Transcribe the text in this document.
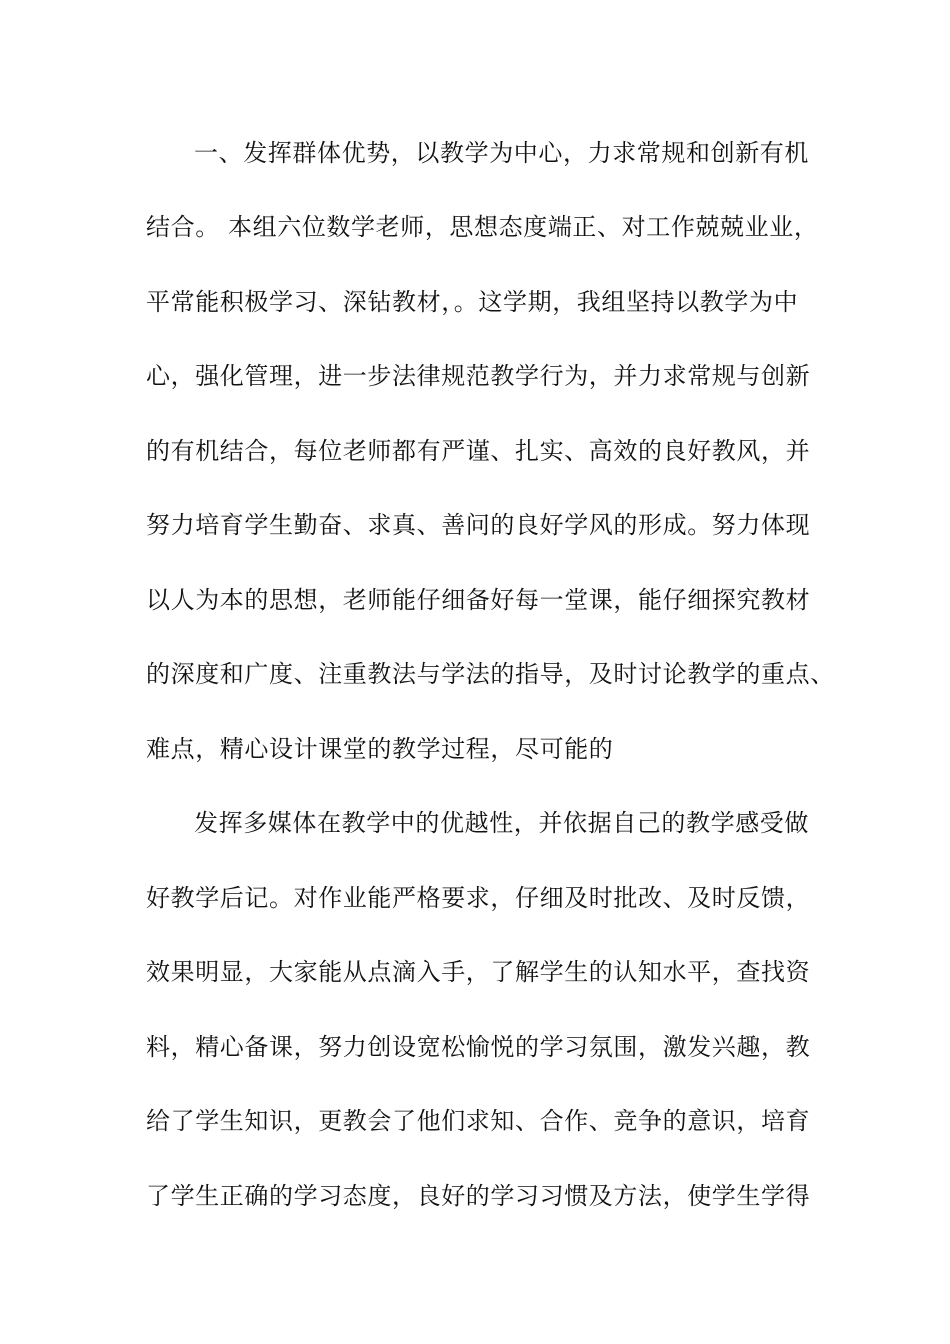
一、发挥群体优势，以教学为中心，力求常规和创新有机
结合。 本组六位数学老师，思想态度端正、对工作兢兢业业，
平常能积极学习、深钻教材，。这学期，我组坚持以教学为中
心，强化管理，进一步法律规范教学行为，并力求常规与创新
的有机结合，每位老师都有严谨、扎实、高效的良好教风，并
努力培育学生勤奋、求真、善问的良好学风的形成。努力体现
以人为本的思想，老师能仔细备好每一堂课，能仔细探究教材
的深度和广度、注重教法与学法的指导，及时讨论教学的重点、
难点，精心设计课堂的教学过程，尽可能的
发挥多媒体在教学中的优越性，并依据自己的教学感受做
好教学后记。对作业能严格要求，仔细及时批改、及时反馈，
效果明显，大家能从点滴入手，了解学生的认知水平，查找资
料，精心备课，努力创设宽松愉悦的学习氛围，激发兴趣，教
给了学生知识，更教会了他们求知、合作、竞争的意识，培育
了学生正确的学习态度，良好的学习习惯及方法，使学生学得
